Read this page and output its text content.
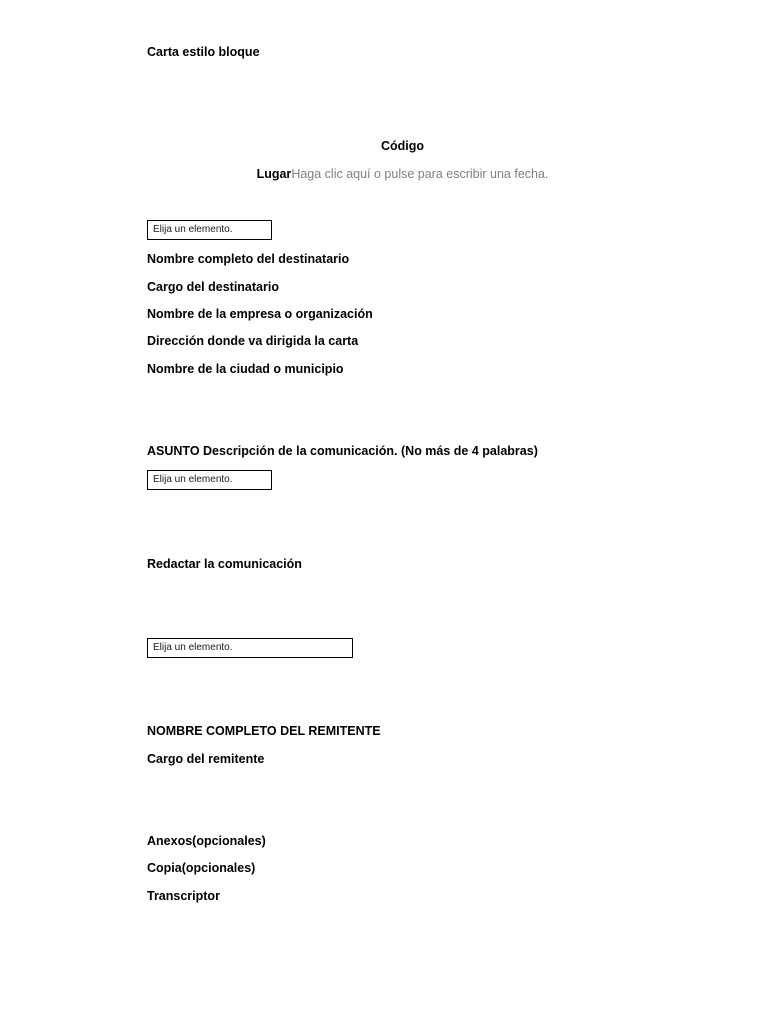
Carta estilo bloque
Código
LugarHaga clic aquí o pulse para escribir una fecha.
Elija un elemento.
Nombre completo del destinatario
Cargo del destinatario
Nombre de la empresa o organización
Dirección donde va dirigida la carta
Nombre de la ciudad o municipio
ASUNTO Descripción de la comunicación. (No más de 4 palabras)
Elija un elemento.
Redactar la comunicación
Elija un elemento.
NOMBRE COMPLETO DEL REMITENTE
Cargo del remitente
Anexos(opcionales)
Copia(opcionales)
Transcriptor
